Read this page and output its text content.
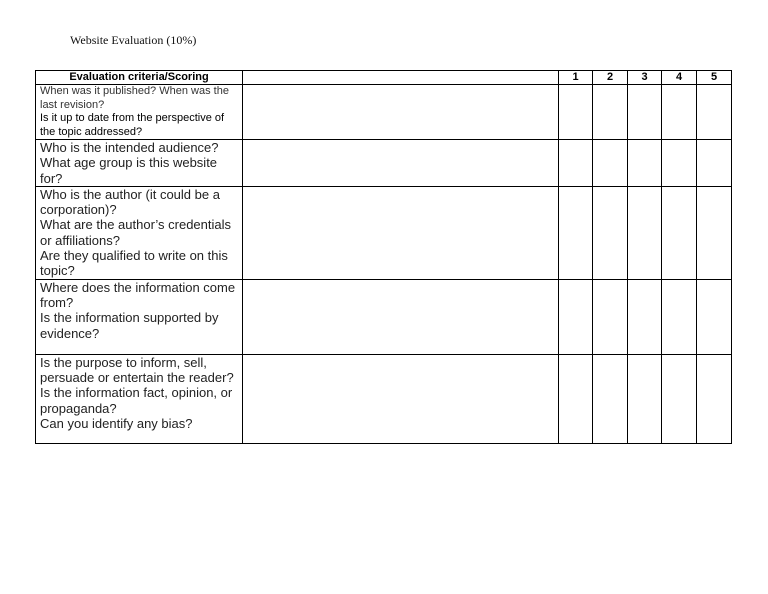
Website Evaluation (10%)
Evaluation criteria/Scoring		1	2	3	4	5

When was it published? When was the last revision?
Is it up to date from the perspective of the topic addressed?						

Who is the intended audience?
What age group is this website for?						

Who is the author (it could be a corporation)?
What are the author’s credentials or affiliations?
Are they qualified to write on this topic?						

Where does the information come from?
Is the information supported by evidence?						

Is the purpose to inform, sell, persuade or entertain the reader?
Is the information fact, opinion, or propaganda?
Can you identify any bias?						
